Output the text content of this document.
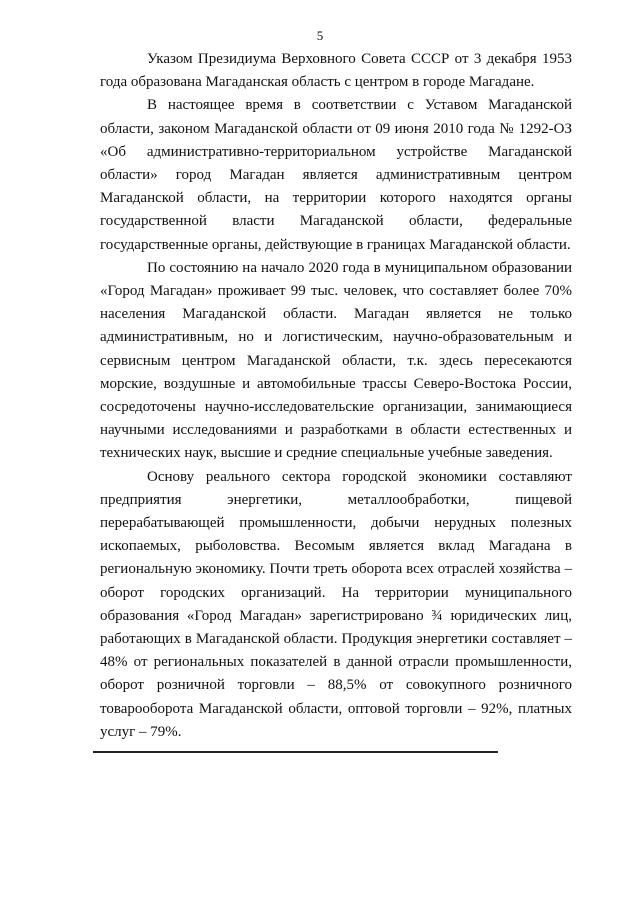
5

Указом Президиума Верховного Совета СССР от 3 декабря 1953 года образована Магаданская область с центром в городе Магадане.

В настоящее время в соответствии с Уставом Магаданской области, законом Магаданской области от 09 июня 2010 года № 1292-ОЗ «Об административно-территориальном устройстве Магаданской области» город Магадан является административным центром Магаданской области, на территории которого находятся органы государственной власти Магаданской области, федеральные государственные органы, действующие в границах Магаданской области.

По состоянию на начало 2020 года в муниципальном образовании «Город Магадан» проживает 99 тыс. человек, что составляет более 70% населения Магаданской области. Магадан является не только административным, но и логистическим, научно-образовательным и сервисным центром Магаданской области, т.к. здесь пересекаются морские, воздушные и автомобильные трассы Северо-Востока России, сосредоточены научно-исследовательские организации, занимающиеся научными исследованиями и разработками в области естественных и технических наук, высшие и средние специальные учебные заведения.

Основу реального сектора городской экономики составляют предприятия энергетики, металлообработки, пищевой перерабатывающей промышленности, добычи нерудных полезных ископаемых, рыболовства. Весомым является вклад Магадана в региональную экономику. Почти треть оборота всех отраслей хозяйства – оборот городских организаций. На территории муниципального образования «Город Магадан» зарегистрировано ¾ юридических лиц, работающих в Магаданской области. Продукция энергетики составляет – 48% от региональных показателей в данной отрасли промышленности, оборот розничной торговли – 88,5% от совокупного розничного товарооборота Магаданской области, оптовой торговли – 92%, платных услуг – 79%.
